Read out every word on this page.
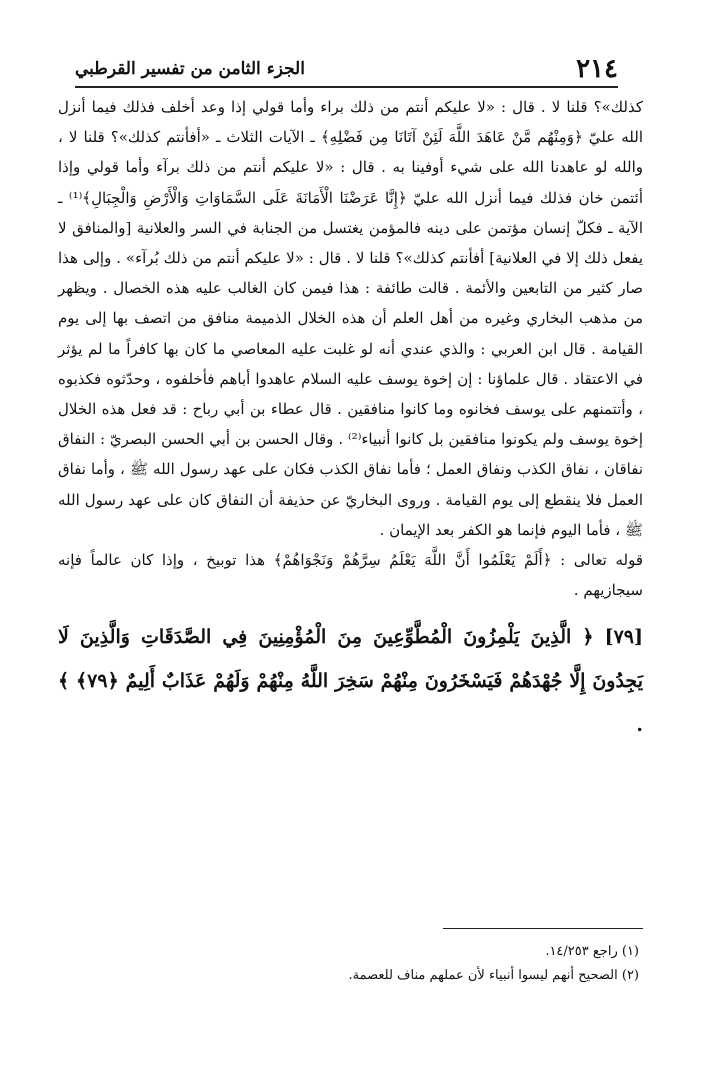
٢١٤
الجزء الثامن من تفسير القرطبي

كذلك»؟ قلنا لا . قال : «لا عليكم أنتم من ذلك براء وأما قولي إذا وعد أخلف فذلك فيما أنزل الله عليّ ﴿وَمِنْهُم مَّنْ عَاهَدَ اللَّهَ لَئِنْ آتَانَا مِن فَضْلِهِ﴾ ـ الآيات الثلاث ـ «أفأنتم كذلك»؟ قلنا لا ، والله لو عاهدنا الله على شيء أوفينا به . قال : «لا عليكم أنتم من ذلك برآء وأما قولي وإذا أئتمن خان فذلك فيما أنزل الله عليّ ﴿إِنَّا عَرَضْنَا الْأَمَانَةَ عَلَى السَّمَاوَاتِ وَالْأَرْضِ وَالْجِبَالِ﴾⁽¹⁾ ـ الآية ـ فكلّ إنسان مؤتمن على دينه فالمؤمن يغتسل من الجنابة في السر والعلانية [والمنافق لا يفعل ذلك إلا في العلانية] أفأنتم كذلك»؟ قلنا لا . قال : «لا عليكم أنتم من ذلك بُرآء» . وإلى هذا صار كثير من التابعين والأئمة . قالت طائفة : هذا فيمن كان الغالب عليه هذه الخصال . ويظهر من مذهب البخاري وغيره من أهل العلم أن هذه الخلال الذميمة منافق من اتصف بها إلى يوم القيامة . قال ابن العربي : والذي عندي أنه لو غلبت عليه المعاصي ما كان بها كافراً ما لم يؤثر في الاعتقاد . قال علماؤنا : إن إخوة يوسف عليه السلام عاهدوا أباهم فأخلفوه ، وحدّثوه فكذبوه ، وأتتمنهم على يوسف فخانوه وما كانوا منافقين . قال عطاء بن أبي رباح : قد فعل هذه الخلال إخوة يوسف ولم يكونوا منافقين بل كانوا أنبياء⁽²⁾ . وقال الحسن بن أبي الحسن البصريّ : النفاق نفاقان ، نفاق الكذب ونفاق العمل ؛ فأما نفاق الكذب فكان على عهد رسول الله ﷺ ، وأما نفاق العمل فلا ينقطع إلى يوم القيامة . وروى البخاريّ عن حذيفة أن النفاق كان على عهد رسول الله ﷺ ، فأما اليوم فإنما هو الكفر بعد الإيمان .

قوله تعالى : ﴿أَلَمْ يَعْلَمُوا أَنَّ اللَّهَ يَعْلَمُ سِرَّهُمْ وَنَجْوَاهُمْ﴾ هذا توبيخ ، وإذا كان عالماً فإنه سيجازيهم .

[٧٩] ﴿ الَّذِينَ يَلْمِزُونَ الْمُطَّوِّعِينَ مِنَ الْمُؤْمِنِينَ فِي الصَّدَقَاتِ وَالَّذِينَ لَا يَجِدُونَ إِلَّا جُهْدَهُمْ فَيَسْخَرُونَ مِنْهُمْ سَخِرَ اللَّهُ مِنْهُمْ وَلَهُمْ عَذَابٌ أَلِيمٌ ﴿٧٩﴾ ﴾ .

(١) راجع ١٤/٢٥٣.
(٢) الصحيح أنهم ليسوا أنبياء لأن عملهم مناف للعصمة.
